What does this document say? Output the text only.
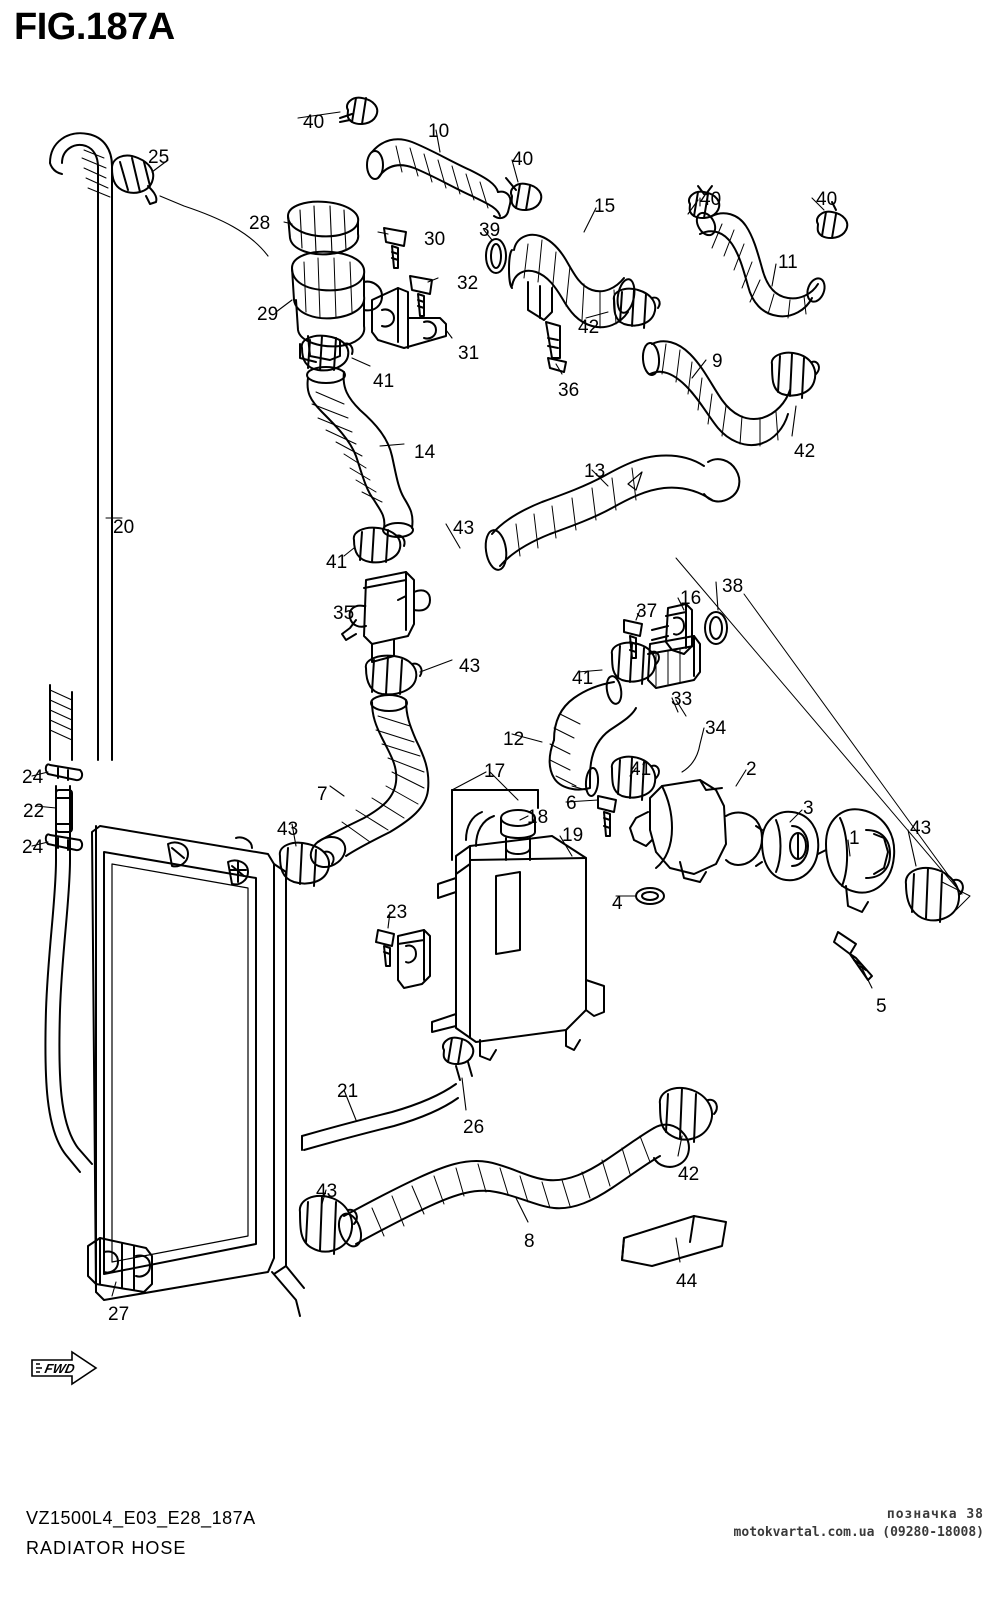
FIG.187A
FWD
40	10
40
40	40
25
28
30 39
15
11
32
29
42
31	9
41	36
42
14
13
20	43
41
38
16
37
35
43
41
33
12
34
7
41	2
17
24
22	18
6	3
1	43
24
19
43
4
23
5
26
21
42
43
8
44
27
VZ1500L4_E03_E28_187A
RADIATOR HOSE
позначка 38
motokvartal.com.ua (09280-18008)
